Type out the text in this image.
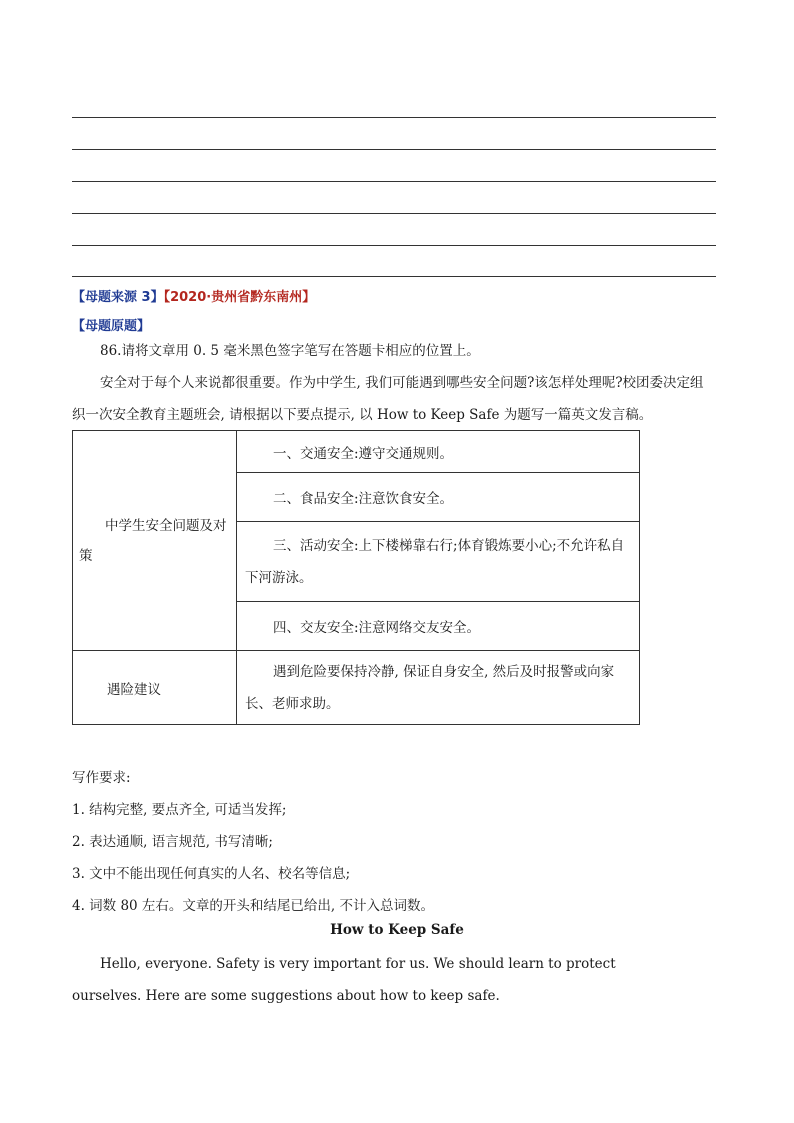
【母题来源 3】【2020·贵州省黔东南州】
【母题原题】
86.请将文章用 0. 5 毫米黑色签字笔写在答题卡相应的位置上。
安全对于每个人来说都很重要。作为中学生, 我们可能遇到哪些安全问题?该怎样处理呢?校团委决定组织一次安全教育主题班会, 请根据以下要点提示, 以 How to Keep Safe 为题写一篇英文发言稿。
中学生安全问题及对策	一、交通安全:遵守交通规则。

	二、食品安全:注意饮食安全。

	三、活动安全:上下楼梯靠右行;体育锻炼要小心;不允许私自下河游泳。

	四、交友安全:注意网络交友安全。

遇险建议	遇到危险要保持冷静, 保证自身安全, 然后及时报警或向家长、老师求助。
写作要求:
1. 结构完整, 要点齐全, 可适当发挥;
2. 表达通顺, 语言规范, 书写清晰;
3. 文中不能出现任何真实的人名、校名等信息;
4. 词数 80 左右。文章的开头和结尾已给出, 不计入总词数。
How to Keep Safe
Hello, everyone. Safety is very important for us. We should learn to protect ourselves. Here are some suggestions about how to keep safe.
